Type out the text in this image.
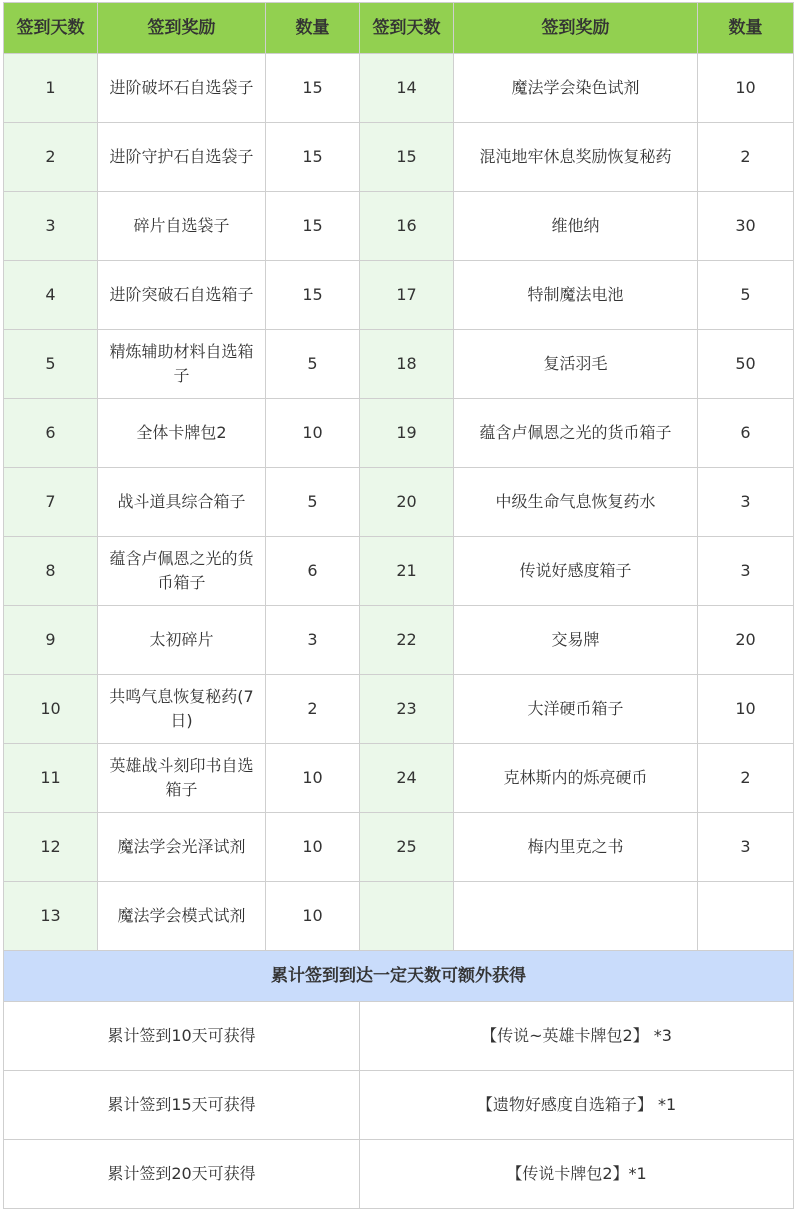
签到天数	签到奖励	数量	签到天数	签到奖励	数量
1	进阶破坏石自选袋子	15	14	魔法学会染色试剂	10
2	进阶守护石自选袋子	15	15	混沌地牢休息奖励恢复秘药	2
3	碎片自选袋子	15	16	维他纳	30
4	进阶突破石自选箱子	15	17	特制魔法电池	5
5	精炼辅助材料自选箱子	5	18	复活羽毛	50
6	全体卡牌包2	10	19	蕴含卢佩恩之光的货币箱子	6
7	战斗道具综合箱子	5	20	中级生命气息恢复药水	3
8	蕴含卢佩恩之光的货币箱子	6	21	传说好感度箱子	3
9	太初碎片	3	22	交易牌	20
10	共鸣气息恢复秘药(7日)	2	23	大洋硬币箱子	10
11	英雄战斗刻印书自选箱子	10	24	克林斯内的烁亮硬币	2
12	魔法学会光泽试剂	10	25	梅内里克之书	3
13	魔法学会模式试剂	10			
累计签到到达一定天数可额外获得					
累计签到10天可获得			【传说~英雄卡牌包2】 *3		
累计签到15天可获得			【遗物好感度自选箱子】 *1		
累计签到20天可获得			【传说卡牌包2】*1		
